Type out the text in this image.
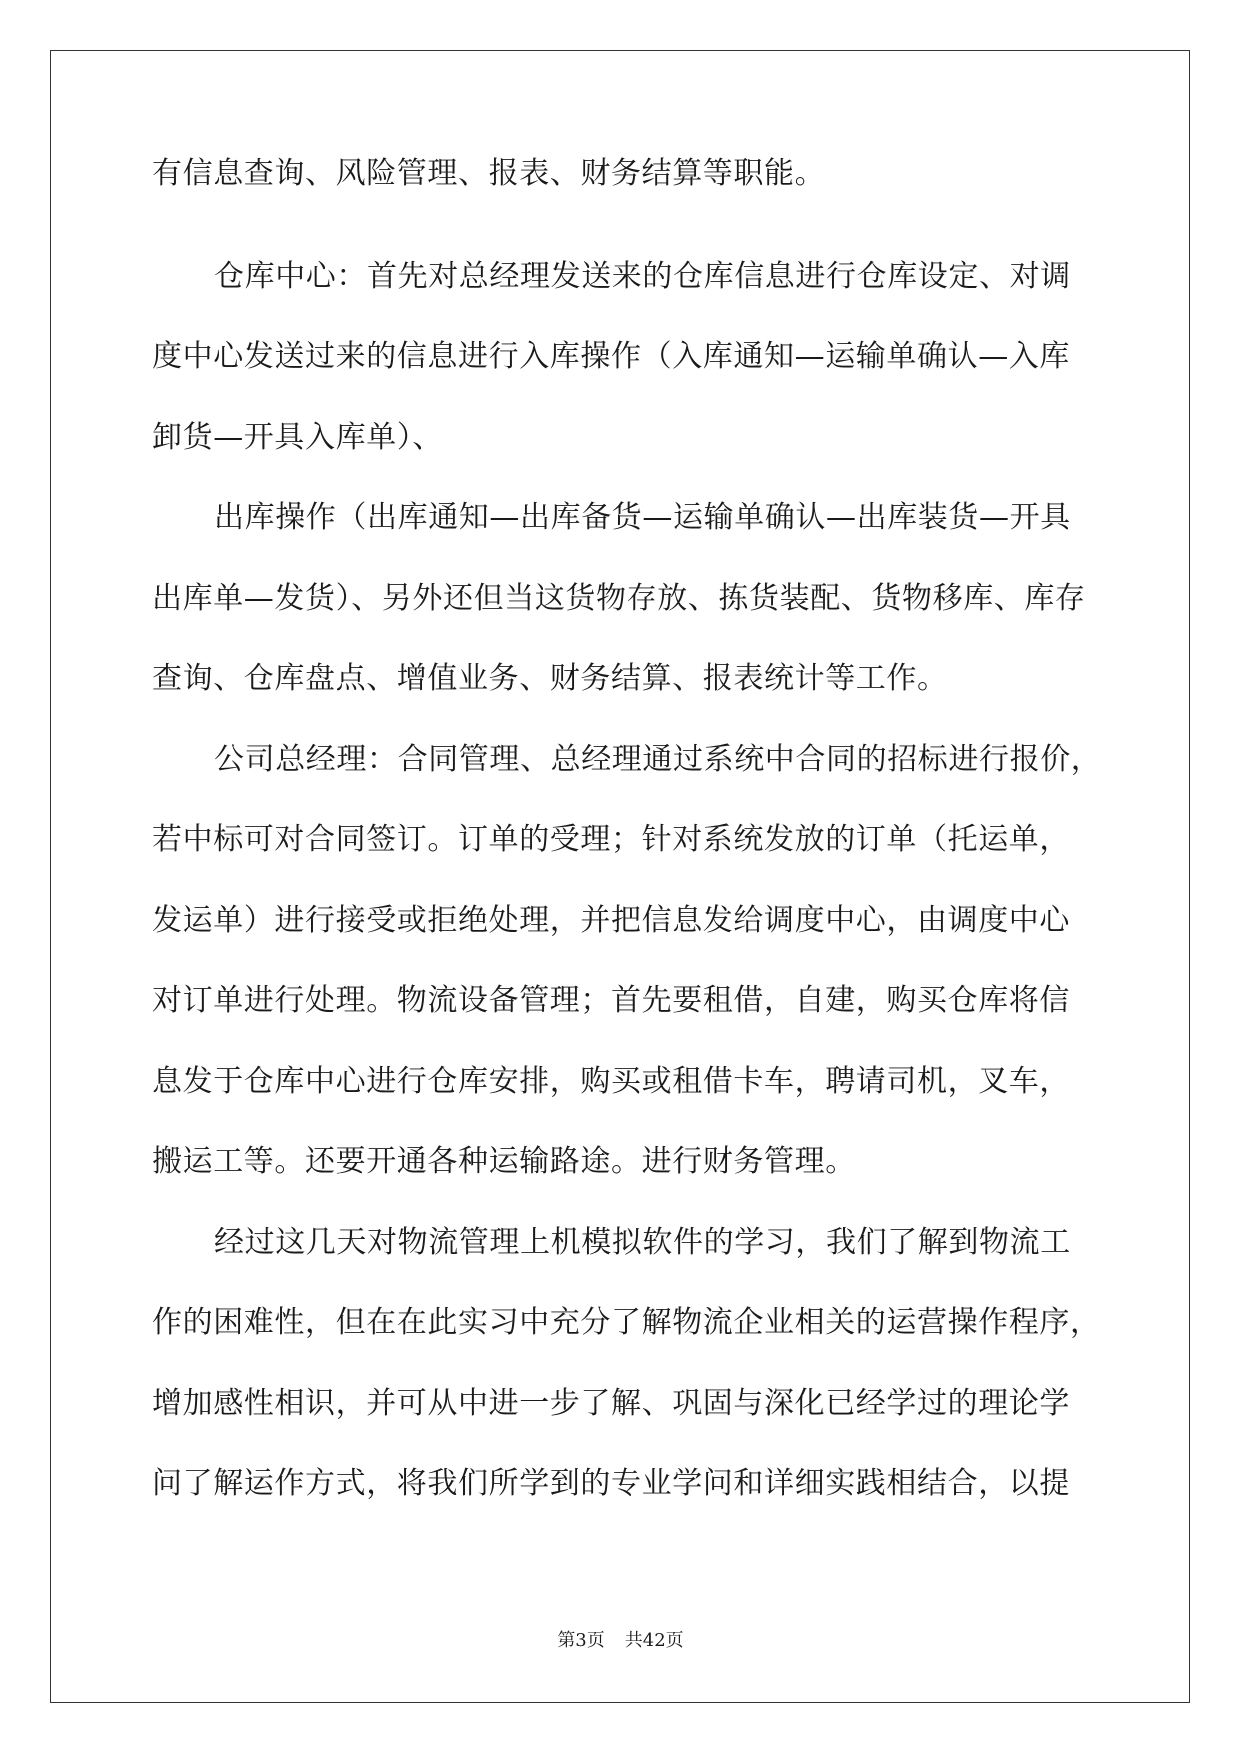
有信息查询、风险管理、报表、财务结算等职能。
仓库中心：首先对总经理发送来的仓库信息进行仓库设定、对调
度中心发送过来的信息进行入库操作（入库通知—运输单确认—入库
卸货—开具入库单）、
出库操作（出库通知—出库备货—运输单确认—出库装货—开具
出库单—发货）、另外还但当这货物存放、拣货装配、货物移库、库存
查询、仓库盘点、增值业务、财务结算、报表统计等工作。
公司总经理：合同管理、总经理通过系统中合同的招标进行报价，
若中标可对合同签订。订单的受理；针对系统发放的订单（托运单，
发运单）进行接受或拒绝处理，并把信息发给调度中心，由调度中心
对订单进行处理。物流设备管理；首先要租借，自建，购买仓库将信
息发于仓库中心进行仓库安排，购买或租借卡车，聘请司机，叉车，
搬运工等。还要开通各种运输路途。进行财务管理。
经过这几天对物流管理上机模拟软件的学习，我们了解到物流工
作的困难性，但在在此实习中充分了解物流企业相关的运营操作程序，
增加感性相识，并可从中进一步了解、巩固与深化已经学过的理论学
问了解运作方式，将我们所学到的专业学问和详细实践相结合，以提
第3页 共42页
